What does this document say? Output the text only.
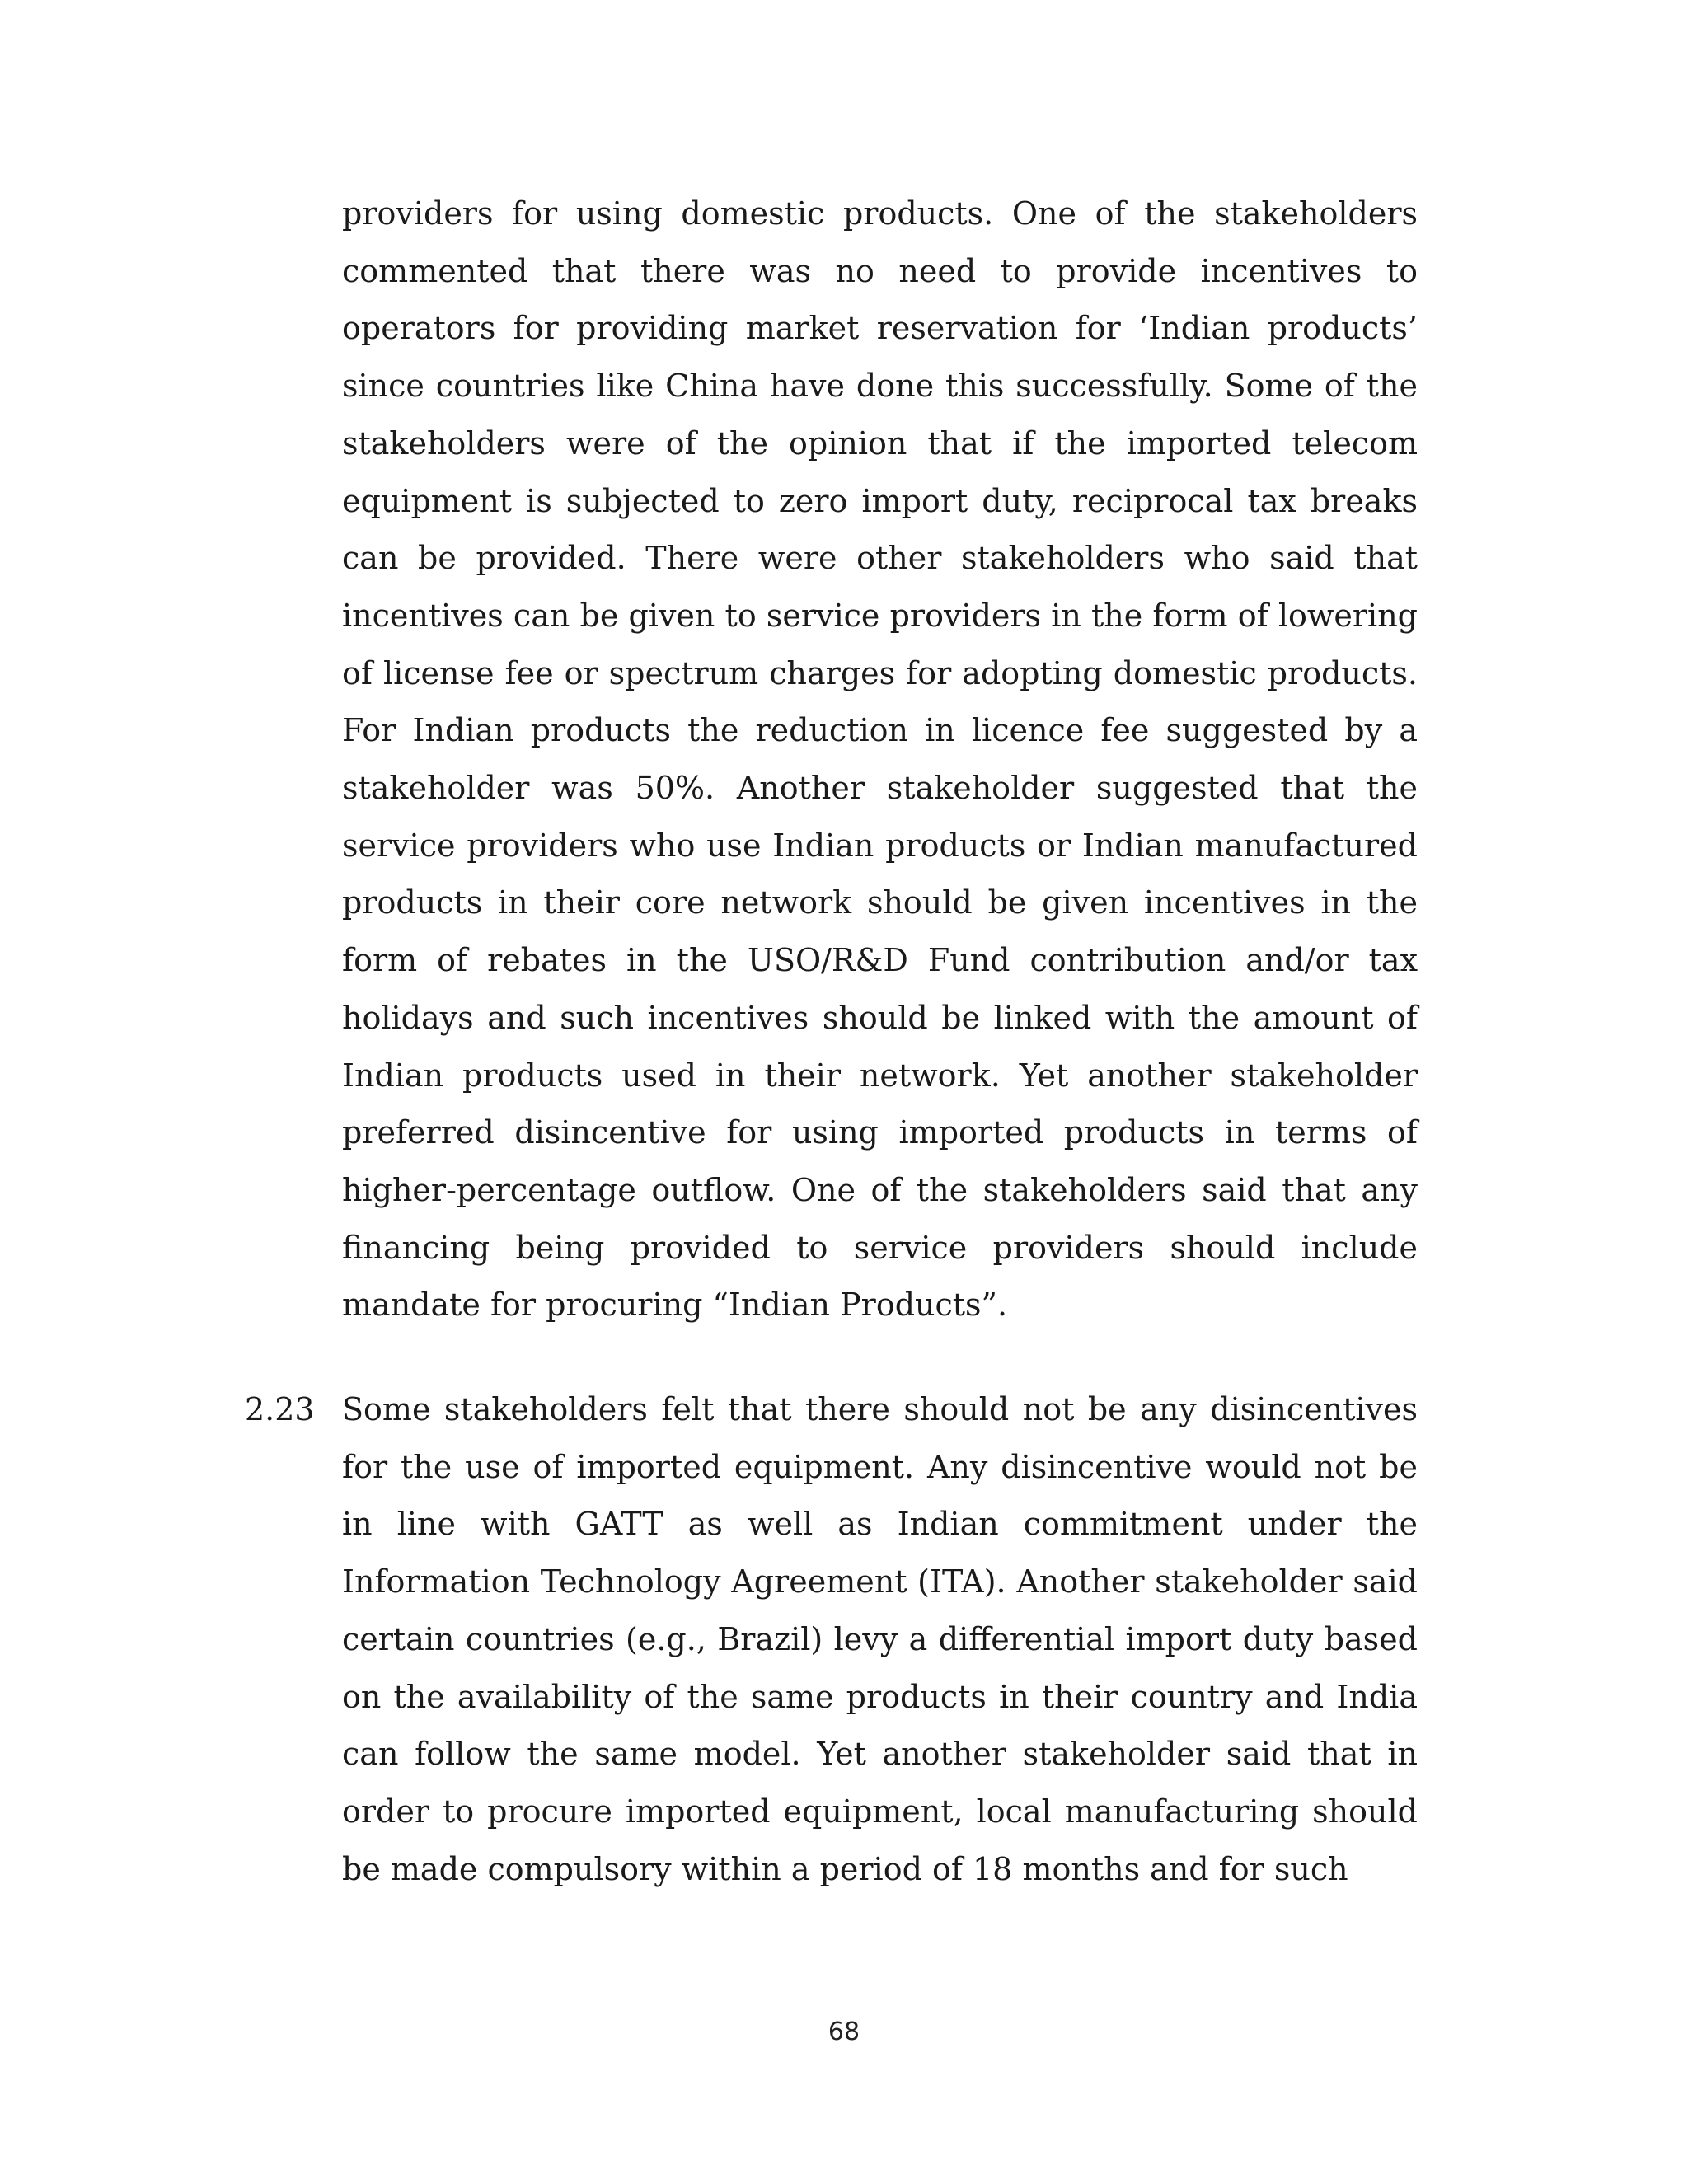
providers for using domestic products. One of the stakeholders commented that there was no need to provide incentives to operators for providing market reservation for ‘Indian products’ since countries like China have done this successfully. Some of the stakeholders were of the opinion that if the imported telecom equipment is subjected to zero import duty, reciprocal tax breaks can be provided. There were other stakeholders who said that incentives can be given to service providers in the form of lowering of license fee or spectrum charges for adopting domestic products. For Indian products the reduction in licence fee suggested by a stakeholder was 50%. Another stakeholder suggested that the service providers who use Indian products or Indian manufactured products in their core network should be given incentives in the form of rebates in the USO/R&D Fund contribution and/or tax holidays and such incentives should be linked with the amount of Indian products used in their network. Yet another stakeholder preferred disincentive for using imported products in terms of higher-percentage outflow. One of the stakeholders said that any financing being provided to service providers should include mandate for procuring “Indian Products”.

2.23 Some stakeholders felt that there should not be any disincentives for the use of imported equipment. Any disincentive would not be in line with GATT as well as Indian commitment under the Information Technology Agreement (ITA). Another stakeholder said certain countries (e.g., Brazil) levy a differential import duty based on the availability of the same products in their country and India can follow the same model. Yet another stakeholder said that in order to procure imported equipment, local manufacturing should be made compulsory within a period of 18 months and for such

68
